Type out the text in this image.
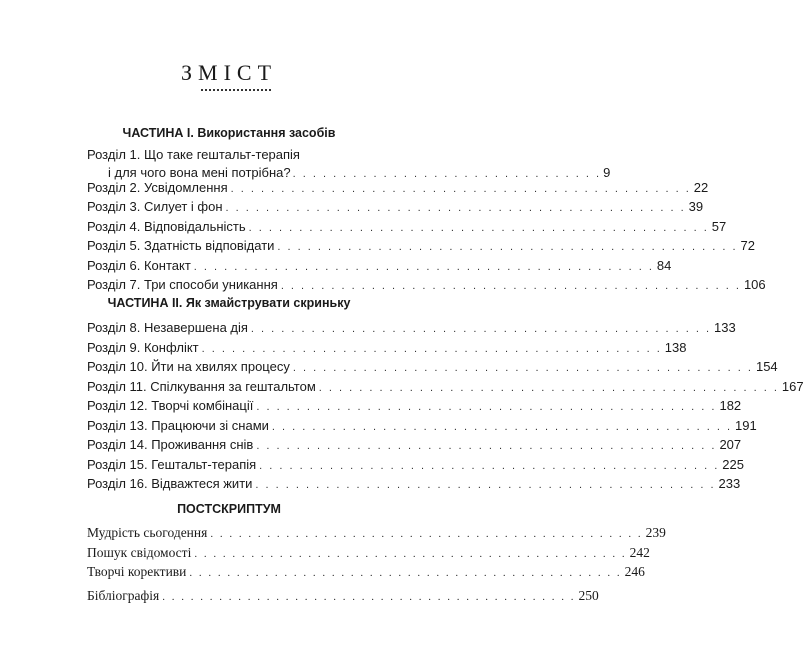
ЗМІСТ
ЧАСТИНА І. Використання засобів
Розділ 1. Що таке гештальт-терапія
і для чого вона мені потрібна? . . . . . . . . . . . . . . . . . . . . . . . . . . . . . . . 9
Розділ 2. Усвідомлення . . . . . . . . . . . . . . . . . . . . . . . . . . . . . . . . . . . . . . . . . . . . . . 22
Розділ 3. Силует і фон . . . . . . . . . . . . . . . . . . . . . . . . . . . . . . . . . . . . . . . . . . . . . . 39
Розділ 4. Відповідальність . . . . . . . . . . . . . . . . . . . . . . . . . . . . . . . . . . . . . . . . . . . . . . 57
Розділ 5. Здатність відповідати . . . . . . . . . . . . . . . . . . . . . . . . . . . . . . . . . . . . . . . . . . . . . . 72
Розділ 6. Контакт . . . . . . . . . . . . . . . . . . . . . . . . . . . . . . . . . . . . . . . . . . . . . . 84
Розділ 7. Три способи уникання . . . . . . . . . . . . . . . . . . . . . . . . . . . . . . . . . . . . . . . . . . . . . . 106
ЧАСТИНА ІІ. Як змайструвати скриньку
Розділ 8. Незавершена дія . . . . . . . . . . . . . . . . . . . . . . . . . . . . . . . . . . . . . . . . . . . . . . 133
Розділ 9. Конфлікт . . . . . . . . . . . . . . . . . . . . . . . . . . . . . . . . . . . . . . . . . . . . . . 138
Розділ 10. Йти на хвилях процесу . . . . . . . . . . . . . . . . . . . . . . . . . . . . . . . . . . . . . . . . . . . . . . 154
Розділ 11. Спілкування за гештальтом . . . . . . . . . . . . . . . . . . . . . . . . . . . . . . . . . . . . . . . . . . . . . . 167
Розділ 12. Творчі комбінації . . . . . . . . . . . . . . . . . . . . . . . . . . . . . . . . . . . . . . . . . . . . . . 182
Розділ 13. Працюючи зі снами . . . . . . . . . . . . . . . . . . . . . . . . . . . . . . . . . . . . . . . . . . . . . . 191
Розділ 14. Проживання снів . . . . . . . . . . . . . . . . . . . . . . . . . . . . . . . . . . . . . . . . . . . . . . 207
Розділ 15. Гештальт-терапія . . . . . . . . . . . . . . . . . . . . . . . . . . . . . . . . . . . . . . . . . . . . . . 225
Розділ 16. Відважтеся жити . . . . . . . . . . . . . . . . . . . . . . . . . . . . . . . . . . . . . . . . . . . . . . 233
ПОСТСКРИПТУМ
Мудрість сьогодення . . . . . . . . . . . . . . . . . . . . . . . . . . . . . . . . . . . . . . . . . . . . . . 239
Пошук свідомості . . . . . . . . . . . . . . . . . . . . . . . . . . . . . . . . . . . . . . . . . . . . . . 242
Творчі корективи . . . . . . . . . . . . . . . . . . . . . . . . . . . . . . . . . . . . . . . . . . . . . . 246
Бібліографія . . . . . . . . . . . . . . . . . . . . . . . . . . . . . . . . . . . . . . . . . . . . 250
